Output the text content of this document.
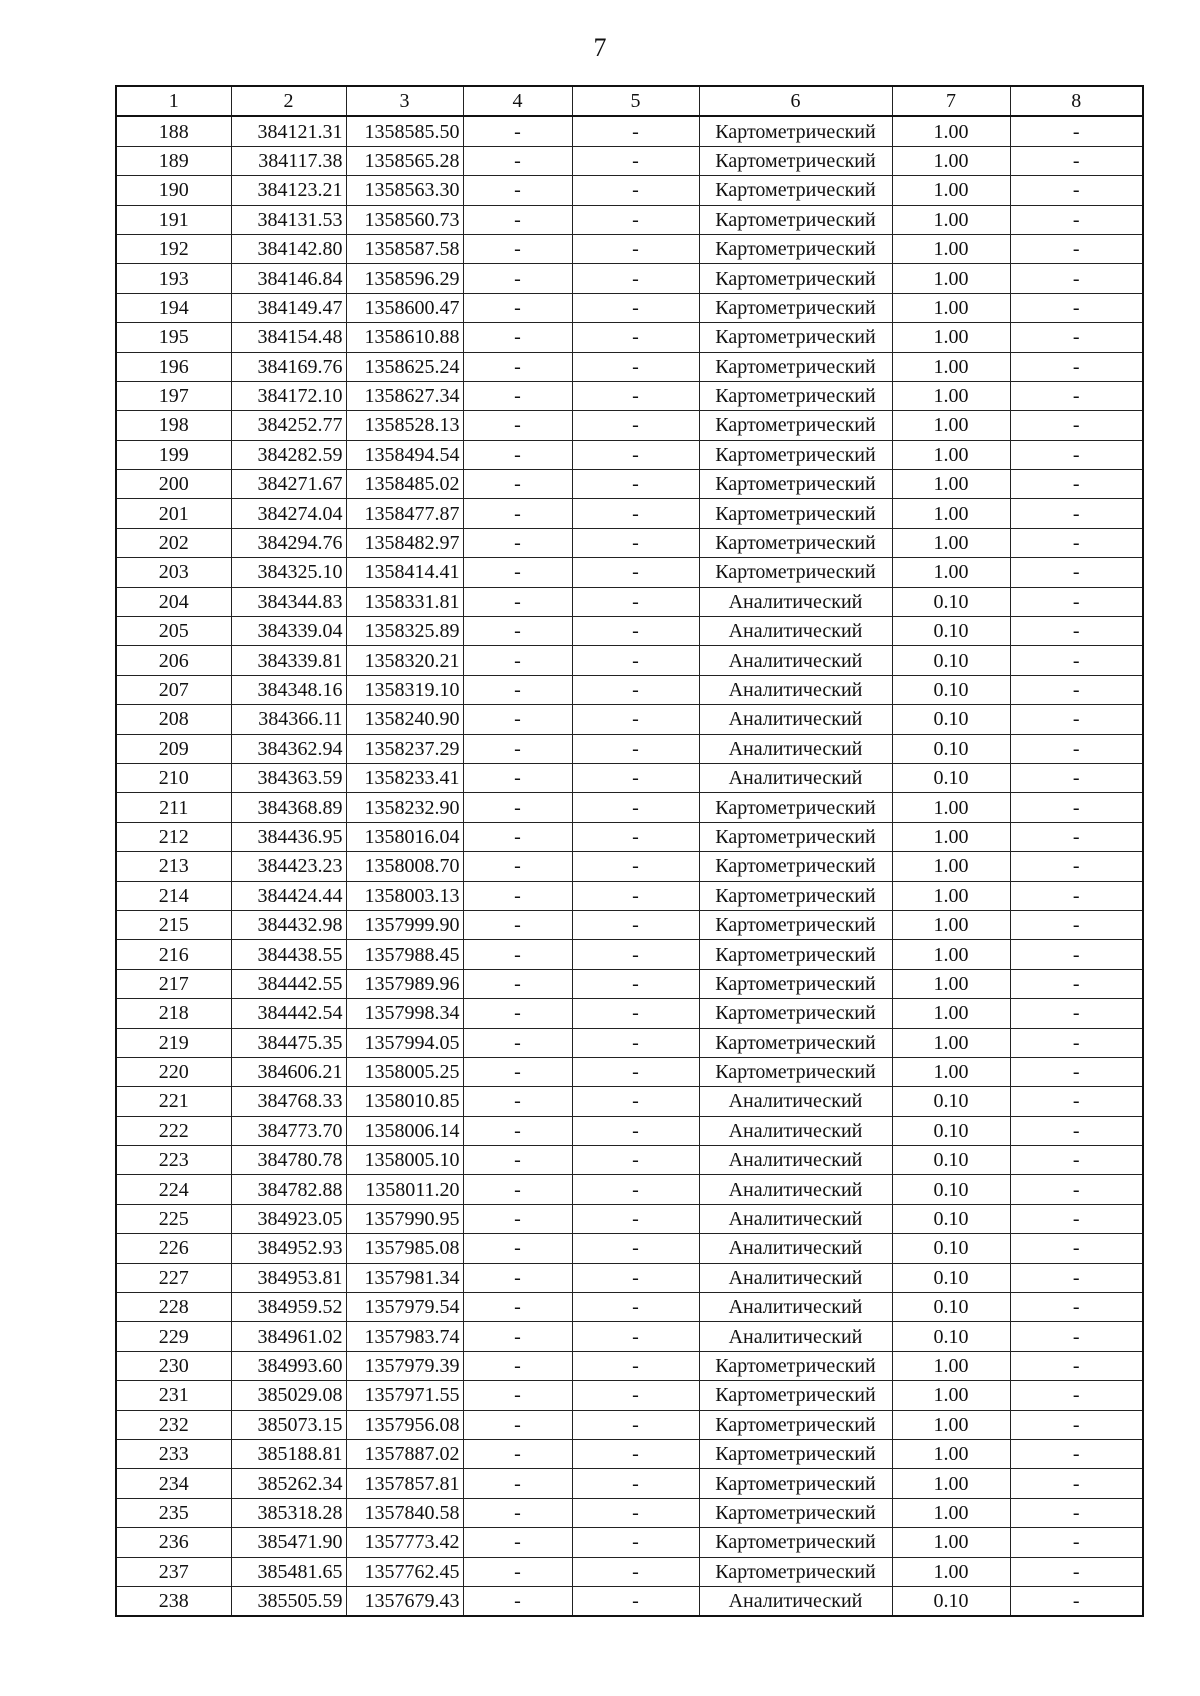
7
1	2	3	4	5	6	7	8
188	384121.31	1358585.50	-	-	Картометрический	1.00	-
189	384117.38	1358565.28	-	-	Картометрический	1.00	-
190	384123.21	1358563.30	-	-	Картометрический	1.00	-
191	384131.53	1358560.73	-	-	Картометрический	1.00	-
192	384142.80	1358587.58	-	-	Картометрический	1.00	-
193	384146.84	1358596.29	-	-	Картометрический	1.00	-
194	384149.47	1358600.47	-	-	Картометрический	1.00	-
195	384154.48	1358610.88	-	-	Картометрический	1.00	-
196	384169.76	1358625.24	-	-	Картометрический	1.00	-
197	384172.10	1358627.34	-	-	Картометрический	1.00	-
198	384252.77	1358528.13	-	-	Картометрический	1.00	-
199	384282.59	1358494.54	-	-	Картометрический	1.00	-
200	384271.67	1358485.02	-	-	Картометрический	1.00	-
201	384274.04	1358477.87	-	-	Картометрический	1.00	-
202	384294.76	1358482.97	-	-	Картометрический	1.00	-
203	384325.10	1358414.41	-	-	Картометрический	1.00	-
204	384344.83	1358331.81	-	-	Аналитический	0.10	-
205	384339.04	1358325.89	-	-	Аналитический	0.10	-
206	384339.81	1358320.21	-	-	Аналитический	0.10	-
207	384348.16	1358319.10	-	-	Аналитический	0.10	-
208	384366.11	1358240.90	-	-	Аналитический	0.10	-
209	384362.94	1358237.29	-	-	Аналитический	0.10	-
210	384363.59	1358233.41	-	-	Аналитический	0.10	-
211	384368.89	1358232.90	-	-	Картометрический	1.00	-
212	384436.95	1358016.04	-	-	Картометрический	1.00	-
213	384423.23	1358008.70	-	-	Картометрический	1.00	-
214	384424.44	1358003.13	-	-	Картометрический	1.00	-
215	384432.98	1357999.90	-	-	Картометрический	1.00	-
216	384438.55	1357988.45	-	-	Картометрический	1.00	-
217	384442.55	1357989.96	-	-	Картометрический	1.00	-
218	384442.54	1357998.34	-	-	Картометрический	1.00	-
219	384475.35	1357994.05	-	-	Картометрический	1.00	-
220	384606.21	1358005.25	-	-	Картометрический	1.00	-
221	384768.33	1358010.85	-	-	Аналитический	0.10	-
222	384773.70	1358006.14	-	-	Аналитический	0.10	-
223	384780.78	1358005.10	-	-	Аналитический	0.10	-
224	384782.88	1358011.20	-	-	Аналитический	0.10	-
225	384923.05	1357990.95	-	-	Аналитический	0.10	-
226	384952.93	1357985.08	-	-	Аналитический	0.10	-
227	384953.81	1357981.34	-	-	Аналитический	0.10	-
228	384959.52	1357979.54	-	-	Аналитический	0.10	-
229	384961.02	1357983.74	-	-	Аналитический	0.10	-
230	384993.60	1357979.39	-	-	Картометрический	1.00	-
231	385029.08	1357971.55	-	-	Картометрический	1.00	-
232	385073.15	1357956.08	-	-	Картометрический	1.00	-
233	385188.81	1357887.02	-	-	Картометрический	1.00	-
234	385262.34	1357857.81	-	-	Картометрический	1.00	-
235	385318.28	1357840.58	-	-	Картометрический	1.00	-
236	385471.90	1357773.42	-	-	Картометрический	1.00	-
237	385481.65	1357762.45	-	-	Картометрический	1.00	-
238	385505.59	1357679.43	-	-	Аналитический	0.10	-
